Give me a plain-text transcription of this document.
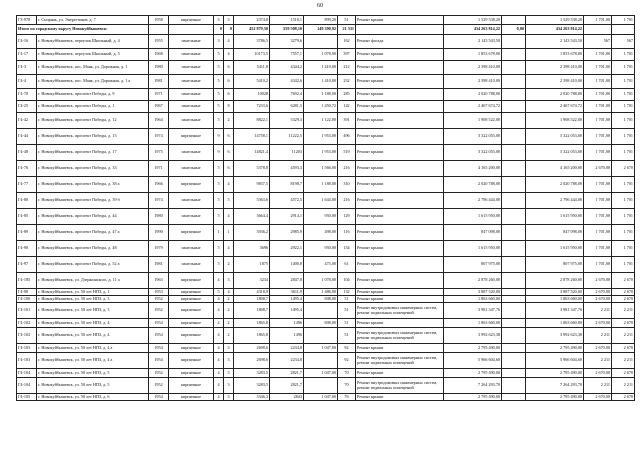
60
Г3-978	г. Сызрань, ул. Энергетиков, д. 7	1958	кирпичные	3	3	2374,8	1518,1	899,20	51	Ремонт крыши	1 529 538,20		1 529 538,20	1 701,00	1 701
Итого по городскому округу Новокуйбышевск:				0	0	452 879,50	559 508,10	149 390,92	21 331		434 263 814,22	0,00	434 263 814,22		
Г4-16	г. Новокуйбышевск, переулок Школьный, д. 4	1955	панельные	3	4	3786,5	3279,6		162	Ремонт фасада	2 143 543,50		2 143 543,50	567	567
Г4-17	г. Новокуйбышевск, переулок Школьный, д. 5	1968	панельные	5	4	10173,5	7557,1	1 078,90	397	Ремонт крыши	1 853 678,00		1 853 678,00	1 701,00	1 701
Г4-3	г. Новокуйбышевск, пос. Маяк, ул. Дорожная, д. 1	1980	панельные	5	6	5411,8	4344,2	1 410,00	212	Ремонт крыши	2 398 410,00		2 398 410,00	1 701,00	1 701
Г4-4	г. Новокуйбышевск, пос. Маяк, ул. Дорожная, д. 1 а	1981	панельные	5	6	5410,2	4342,6	1 410,00	232	Ремонт крыши	2 398 410,00		2 398 410,00	1 701,00	1 701
Г4-70	г. Новокуйбышевск, проспект Победы, д. 9	1971	панельные	5	6	10028	7692,4	1 188,00	285	Ремонт крыши	2 020 788,00		2 020 788,00	1 701,00	1 701
Г4-25	г. Новокуйбышевск, проспект Победы, д. 1	1967	панельные	5	8	7233,6	6281,5	1 450,72	142	Ремонт крыши	2 467 674,72		2 467 674,72	1 701,00	1 701
Г4-42	г. Новокуйбышевск, проспект Победы, д. 12	1964	панельные	5	2	8822,1	5329,3	1 122,00	391	Ремонт крыши	1 908 522,00		1 908 522,00	1 701,00	1 701
Г4-44	г. Новокуйбышевск, проспект Победы, д. 15	1974	кирпичные	9	6	14758,1	11222,5	1 953,00	496	Ремонт крыши	3 322 053,00		3 322 053,00	1 701,00	1 701
Г4-48	г. Новокуйбышевск, проспект Победы, д. 17	1975	панельные	9	6	14821,4	11203	1 953,00	519	Ремонт крыши	3 322 053,00		3 322 053,00	1 701,00	1 701
Г4-76	г. Новокуйбышевск, проспект Победы, д. 33	1971	панельные	5	6	5378,8	4593,3	1 566,00	216	Ремонт крыши	4 165 200,00		4 165 200,00	2 670,00	2 670
Г4-77	г. Новокуйбышевск, проспект Победы, д. 38 а	1966	кирпичные	5	4	9837,5	8198,7	1 188,00	310	Ремонт крыши	2 020 788,00		2 020 788,00	1 701,00	1 701
Г4-80	г. Новокуйбышевск, проспект Победы, д. 39 б	1974	панельные	5	5	5363,6	4572,5	1 644,00	216	Ремонт крыши	2 796 444,00		2 796 444,00	1 701,00	1 701
Г4-85	г. Новокуйбышевск, проспект Победы, д. 44	1980	панельные	5	4	3664,4	2914,1	950,00	129	Ремонт крыши	1 615 950,00		1 615 950,00	1 701,00	1 701
Г4-89	г. Новокуйбышевск, проспект Победы, д. 47 а	1990	кирпичные	1	1	3936,2	2985,9	498,00	116	Ремонт крыши	847 098,00		847 098,00	1 701,00	1 701
Г4-90	г. Новокуйбышевск, проспект Победы, д. 48	1979	панельные	5	4	3696	2922,1	950,00	134	Ремонт крыши	1 615 950,00		1 615 950,00	1 701,00	1 701
Г4-97	г. Новокуйбышевск, проспект Победы, д. 52 а	1981	панельные	5	2	1875	1400,8	475,00	61	Ремонт крыши	807 975,00		807 975,00	1 701,00	1 701
Г4-185	г. Новокуйбышевск, ул. Дзержинского, д. 11 а	1963	кирпичные	4	3	3234	2847,8	1 078,00	104	Ремонт крыши	2 878 260,00		2 878 260,00	2 670,00	2 670
Г4-98	г. Новокуйбышевск, ул. 50 лет НПЗ, д. 1	1953	кирпичные	5	4	4318,9	3611,9	1 486,00	132	Ремонт крыши	3 887 520,00		3 887 520,00	2 670,00	2 670
Г4-100	г. Новокуйбышевск, ул. 50 лет НПЗ, д. 3	1952	кирпичные	4	2	1808,7	1495,4	698,00	51	Ремонт крыши	1 863 660,00		1 863 660,00	2 670,00	2 670
Г4-101	г. Новокуйбышевск, ул. 50 лет НПЗ, д. 3	1952	кирпичные	4	2	1808,7	1495,4		51	Ремонт внутридомовых инженерных систем, ремонт подвальных помещений	3 981 347,76		3 981 347,76	2 211	2 211
Г4-102	г. Новокуйбышевск, ул. 50 лет НПЗ, д. 4	1954	кирпичные	4	2	1865,8	1496	698,00	51	Ремонт крыши	1 863 660,00		1 863 660,00	2 670,00	2 670
Г4-102	г. Новокуйбышевск, ул. 50 лет НПЗ, д. 4	1954	кирпичные	4	2	1865,8	1496		51	Ремонт внутридомовых инженерных систем, ремонт подвальных помещений	3 992 623,38		3 992 623,38	2 211	2 211
Г4-103	г. Новокуйбышевск, ул. 50 лет НПЗ, д. 4 а	1954	кирпичные	4	3	2698,6	2234,8	1 047,00	92	Ремонт крыши	2 795 490,00		2 795 490,00	2 670,00	2 670
Г4-103	г. Новокуйбышевск, ул. 50 лет НПЗ, д. 4 а	1954	кирпичные	4	3	2698,6	2234,8		92	Ремонт внутридомовых инженерных систем, ремонт подвальных помещений	5 966 604,60		5 966 604,60	2 211	2 211
Г4-104	г. Новокуйбышевск, ул. 50 лет НПЗ, д. 5	1952	кирпичные	4	3	3283,5	2821,7	1 047,00	70	Ремонт крыши	2 795 490,00		2 795 490,00	2 670,00	2 670
Г4-104	г. Новокуйбышевск, ул. 50 лет НПЗ, д. 5	1952	кирпичные	4	3	3283,5	2821,7		70	Ремонт внутридомовых инженерных систем, ремонт подвальных помещений	7 264 293,70		7 264 293,70	2 211	2 211
Г4-105	г. Новокуйбышевск, ул. 50 лет НПЗ, д. 6	1954	кирпичные	4	3	3346,3	2843	1 047,00	76	Ремонт крыши	2 795 490,00		2 795 490,00	2 670,00	2 670
